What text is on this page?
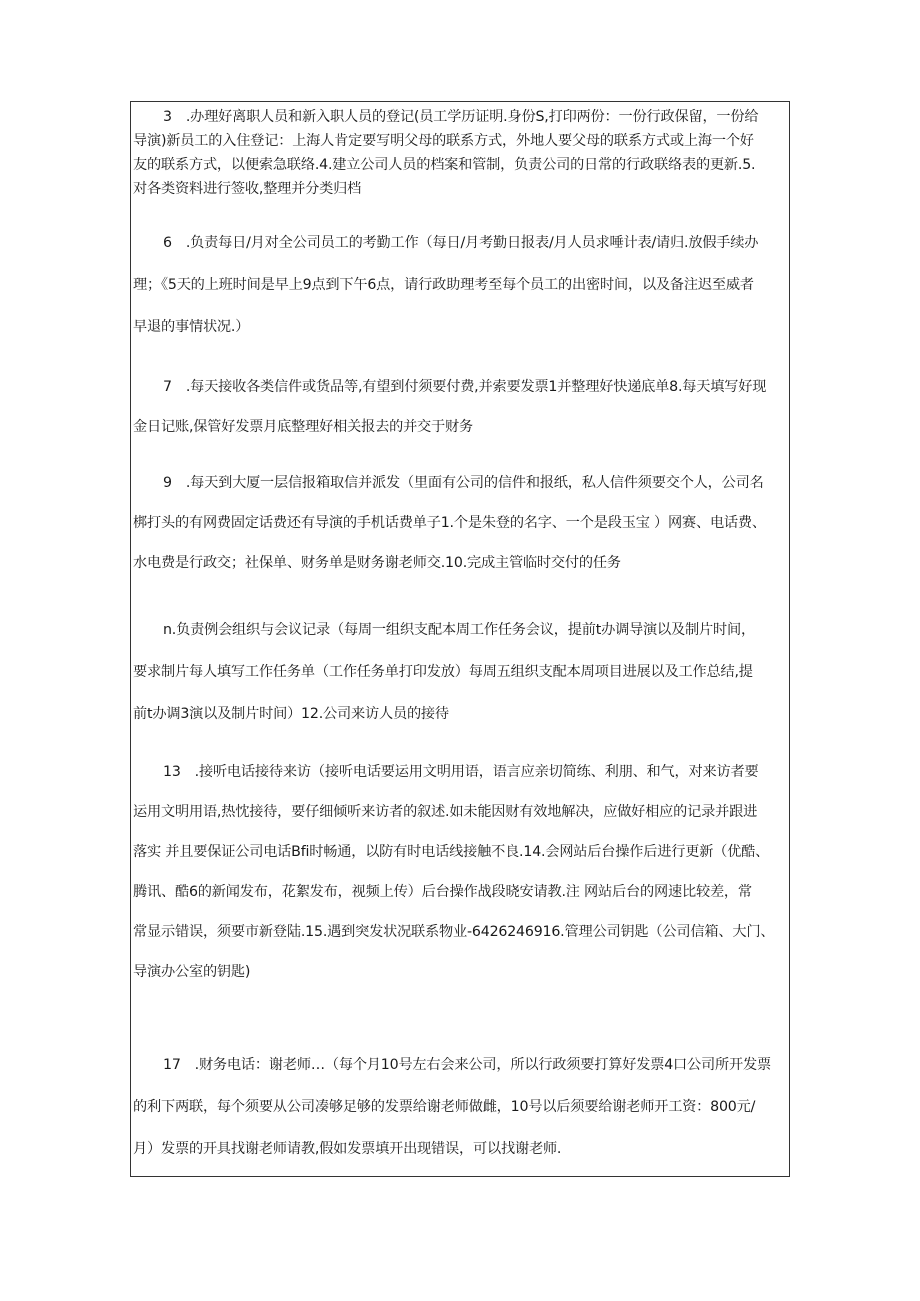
3　.办理好离职人员和新入职人员的登记(员工学历证明.身份S,打印两份：一份行政保留，一份给
导演)新员工的入住登记：上海人肯定要写明父母的联系方式，外地人要父母的联系方式或上海一个好
友的联系方式，以便索急联络.4.建立公司人员的档案和管制，负责公司的日常的行政联络表的更新.5.
对各类资料进行签收,整理并分类归档
6　.负责每日/月对全公司员工的考勤工作（每日/月考勤日报表/月人员求唾计表/请归.放假手续办
理；《5天的上班时间是早上9点到下午6点，请行政助理考至每个员工的出密时间，以及备注迟至威者
早退的事情状况.）
7　.每天接收各类信件或货品等,有望到付须要付费,并索要发票1并整理好快递底单8.每天填写好现
金日记账,保管好发票月底整理好相关报去的并交于财务
9　.每天到大厦一层信报箱取信并派发（里面有公司的信件和报纸，私人信件须要交个人，公司名
梆打头的有网费固定话费还有导演的手机话费单子1.个是朱登的名字、一个是段玉宝 ）网赛、电话费、
水电费是行政交；社保单、财务单是财务谢老师交.10.完成主管临时交付的任务
n.负责例会组织与会议记录（每周一组织支配本周工作任务会议，提前t办调导演以及制片时间，
要求制片每人填写工作任务单（工作任务单打印发放）每周五组织支配本周项目进展以及工作总结,提
前t办调3演以及制片时间）12.公司来访人员的接待
13　.接听电话接待来访（接听电话要运用文明用语，语言应亲切简练、利朋、和气，对来访者要
运用文明用语,热忱接待，要仔细倾听来访者的叙述.如未能因财有效地解决，应做好相应的记录并跟进
落实 并且要保证公司电话Bfi时畅通，以防有时电话线接触不良.14.会网站后台操作后进行更新（优酷、
腾讯、酷6的新闻发布，花絮发布，视频上传）后台操作战段晓安请教.注 网站后台的网速比较差，常
常显示错误，须要市新登陆.15.遇到突发状况联系物业-6426246916.管理公司钥匙（公司信箱、大门、
导演办公室的钥匙)
17　.财务电话：谢老师…（每个月10号左右会来公司，所以行政须要打算好发票4口公司所开发票
的利下两联，每个须要从公司凑够足够的发票给谢老师做雌，10号以后须要给谢老师开工资：800元/
月）发票的开具找谢老师请教,假如发票填开出现错误，可以找谢老师.
